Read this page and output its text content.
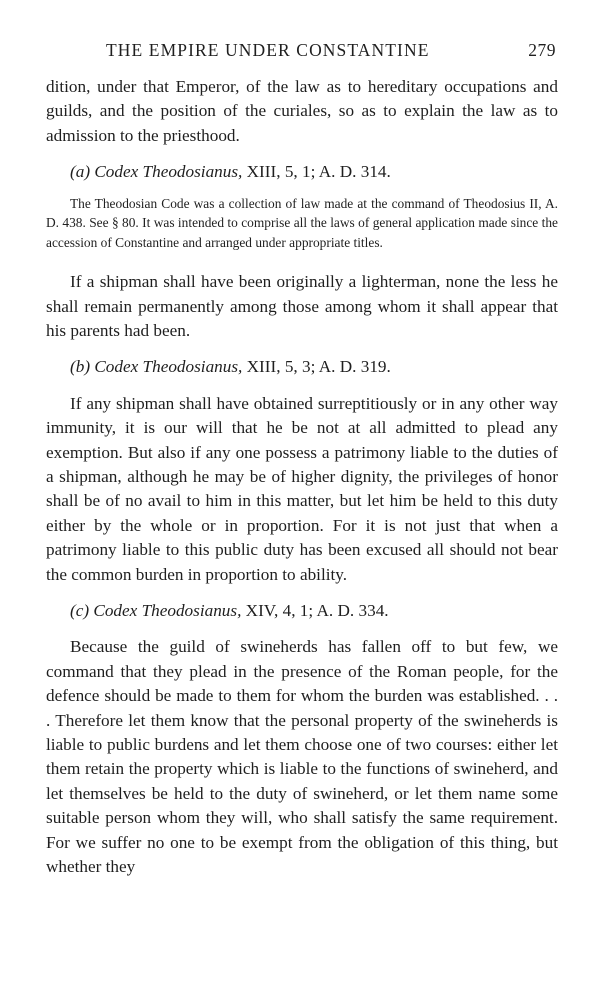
THE EMPIRE UNDER CONSTANTINE	279

dition, under that Emperor, of the law as to hereditary occupations and guilds, and the position of the curiales, so as to explain the law as to admission to the priesthood.

(a) Codex Theodosianus, XIII, 5, 1; A. D. 314.

The Theodosian Code was a collection of law made at the command of Theodosius II, A. D. 438. See § 80. It was intended to comprise all the laws of general application made since the accession of Constantine and arranged under appropriate titles.

If a shipman shall have been originally a lighterman, none the less he shall remain permanently among those among whom it shall appear that his parents had been.

(b) Codex Theodosianus, XIII, 5, 3; A. D. 319.

If any shipman shall have obtained surreptitiously or in any other way immunity, it is our will that he be not at all admitted to plead any exemption. But also if any one possess a patrimony liable to the duties of a shipman, although he may be of higher dignity, the privileges of honor shall be of no avail to him in this matter, but let him be held to this duty either by the whole or in proportion. For it is not just that when a patrimony liable to this public duty has been excused all should not bear the common burden in proportion to ability.

(c) Codex Theodosianus, XIV, 4, 1; A. D. 334.

Because the guild of swineherds has fallen off to but few, we command that they plead in the presence of the Roman people, for the defence should be made to them for whom the burden was established. . . . Therefore let them know that the personal property of the swineherds is liable to public burdens and let them choose one of two courses: either let them retain the property which is liable to the functions of swineherd, and let themselves be held to the duty of swineherd, or let them name some suitable person whom they will, who shall satisfy the same requirement. For we suffer no one to be exempt from the obligation of this thing, but whether they
